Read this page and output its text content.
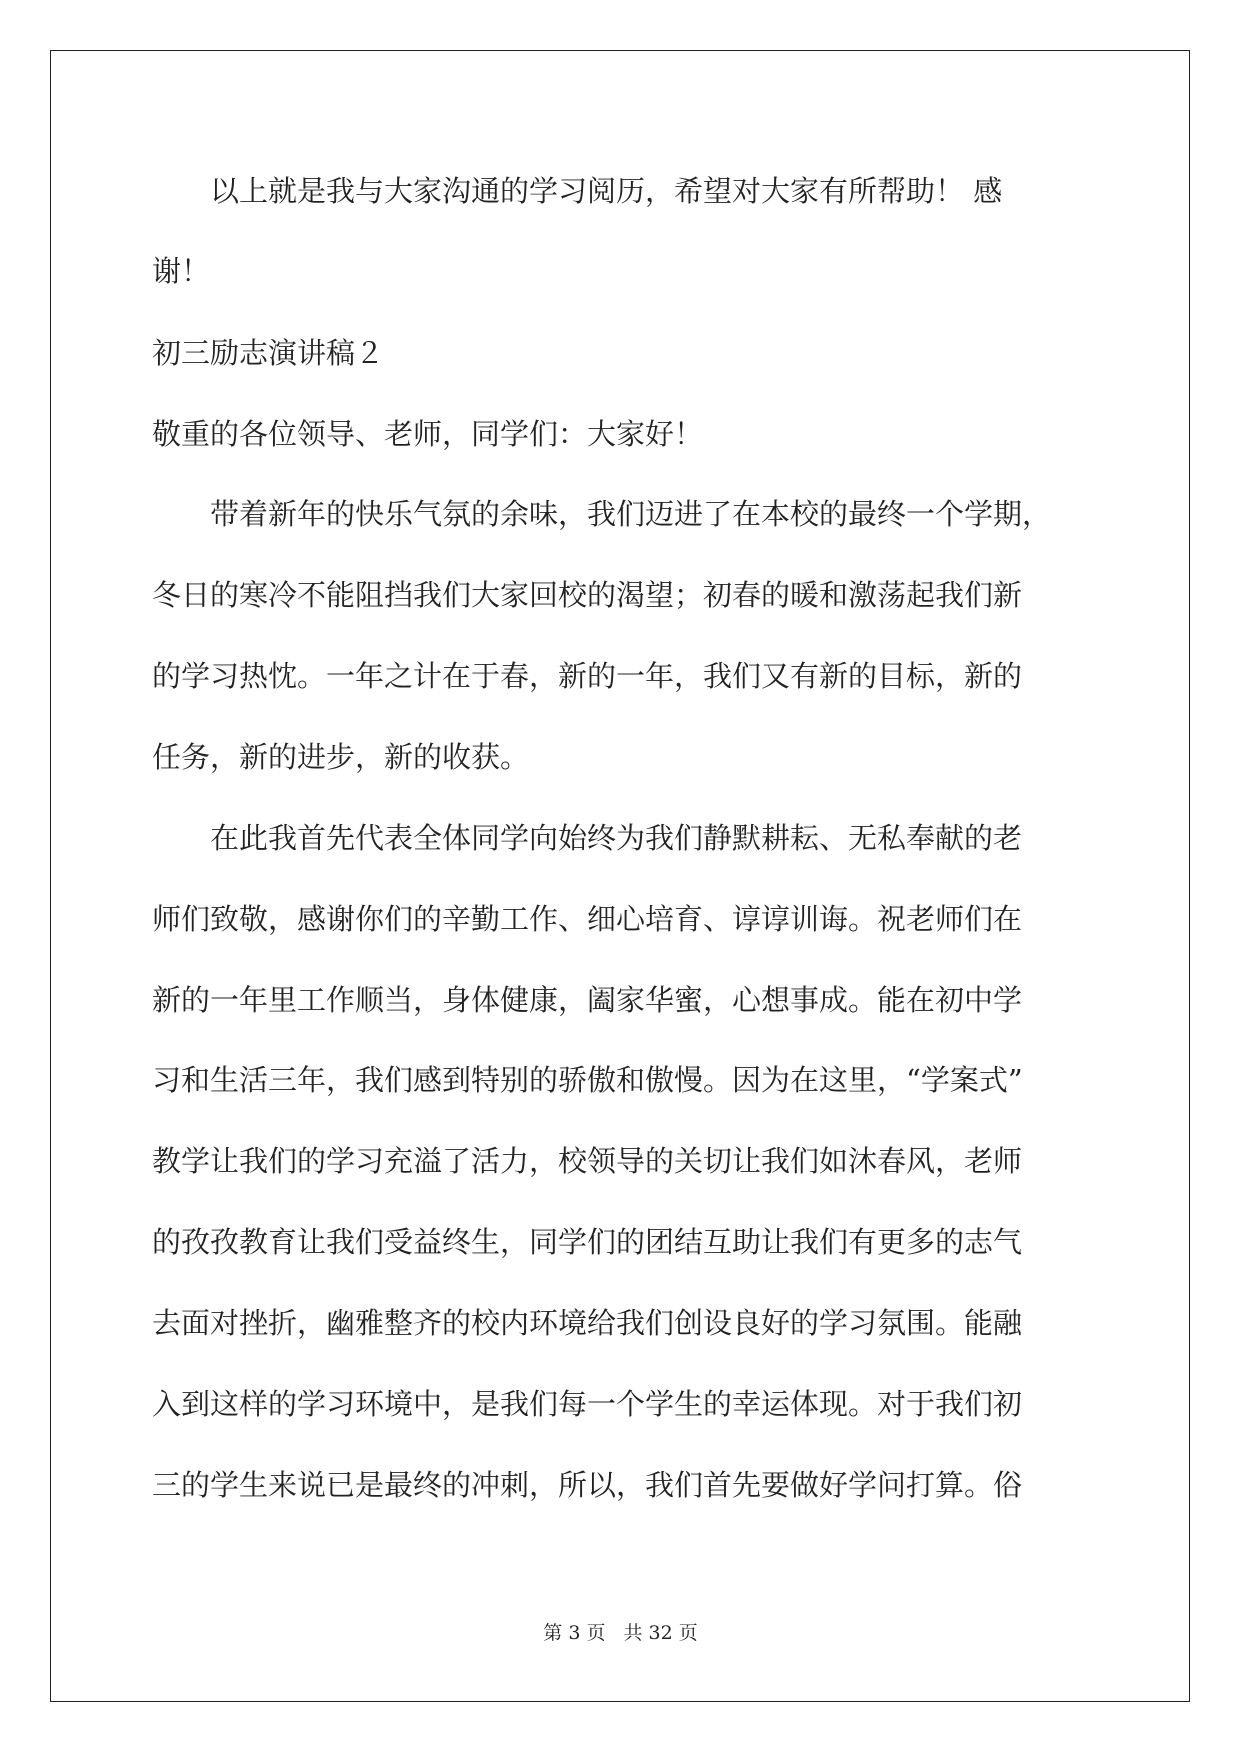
　　以上就是我与大家沟通的学习阅历，希望对大家有所帮助！ 感

谢！

初三励志演讲稿２

敬重的各位领导、老师，同学们：大家好！

　　带着新年的快乐气氛的余味，我们迈进了在本校的最终一个学期，

冬日的寒冷不能阻挡我们大家回校的渴望；初春的暖和激荡起我们新

的学习热忱。一年之计在于春，新的一年，我们又有新的目标，新的

任务，新的进步，新的收获。

　　在此我首先代表全体同学向始终为我们静默耕耘、无私奉献的老

师们致敬，感谢你们的辛勤工作、细心培育、谆谆训诲。祝老师们在

新的一年里工作顺当，身体健康，阖家华蜜，心想事成。能在初中学

习和生活三年，我们感到特别的骄傲和傲慢。因为在这里，“学案式”

教学让我们的学习充溢了活力，校领导的关切让我们如沐春风，老师

的孜孜教育让我们受益终生，同学们的团结互助让我们有更多的志气

去面对挫折，幽雅整齐的校内环境给我们创设良好的学习氛围。能融

入到这样的学习环境中，是我们每一个学生的幸运体现。对于我们初

三的学生来说已是最终的冲刺，所以，我们首先要做好学问打算。俗

第 3 页 共 32 页
